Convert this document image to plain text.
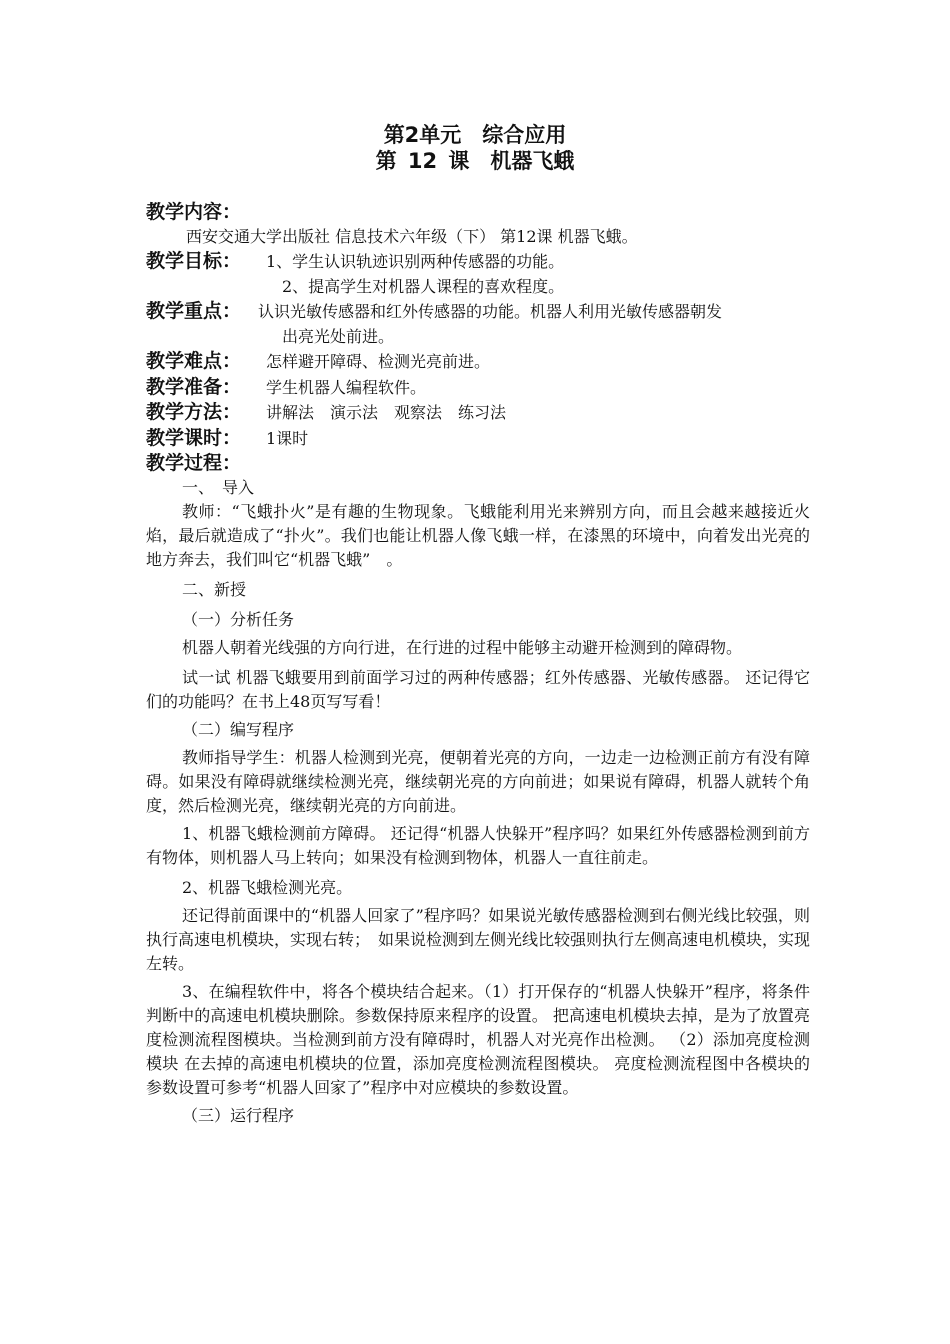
第2单元　综合应用
第 12 课　机器飞蛾
教学内容：
西安交通大学出版社 信息技术六年级（下） 第12课 机器飞蛾。
教学目标：	1、学生认识轨迹识别两种传感器的功能。
2、提高学生对机器人课程的喜欢程度。
教学重点：	认识光敏传感器和红外传感器的功能。机器人利用光敏传感器朝发
出亮光处前进。
教学难点：	怎样避开障碍、检测光亮前进。
教学准备：	学生机器人编程软件。
教学方法：	讲解法　演示法　观察法　练习法
教学课时：	1课时
教学过程：
一、　导入

教师：“飞蛾扑火”是有趣的生物现象。飞蛾能利用光来辨别方向，而且会越来越接近火焰，最后就造成了“扑火”。我们也能让机器人像飞蛾一样，在漆黑的环境中，向着发出光亮的地方奔去，我们叫它“机器飞蛾”　。

二、新授
（一）分析任务

机器人朝着光线强的方向行进，在行进的过程中能够主动避开检测到的障碍物。

试一试 机器飞蛾要用到前面学习过的两种传感器；红外传感器、光敏传感器。 还记得它们的功能吗？在书上48页写写看！

（二）编写程序

教师指导学生：机器人检测到光亮，便朝着光亮的方向，一边走一边检测正前方有没有障碍。如果没有障碍就继续检测光亮，继续朝光亮的方向前进；如果说有障碍，机器人就转个角度，然后检测光亮，继续朝光亮的方向前进。

1、机器飞蛾检测前方障碍。 还记得“机器人快躲开”程序吗？如果红外传感器检测到前方有物体，则机器人马上转向；如果没有检测到物体，机器人一直往前走。

2、机器飞蛾检测光亮。

还记得前面课中的“机器人回家了”程序吗？如果说光敏传感器检测到右侧光线比较强，则执行高速电机模块，实现右转；　如果说检测到左侧光线比较强则执行左侧高速电机模块，实现左转。

3、在编程软件中，将各个模块结合起来。（1）打开保存的“机器人快躲开”程序，将条件判断中的高速电机模块删除。参数保持原来程序的设置。 把高速电机模块去掉，是为了放置亮度检测流程图模块。当检测到前方没有障碍时，机器人对光亮作出检测。 （2）添加亮度检测模块 在去掉的高速电机模块的位置，添加亮度检测流程图模块。 亮度检测流程图中各模块的参数设置可参考“机器人回家了”程序中对应模块的参数设置。

（三）运行程序
